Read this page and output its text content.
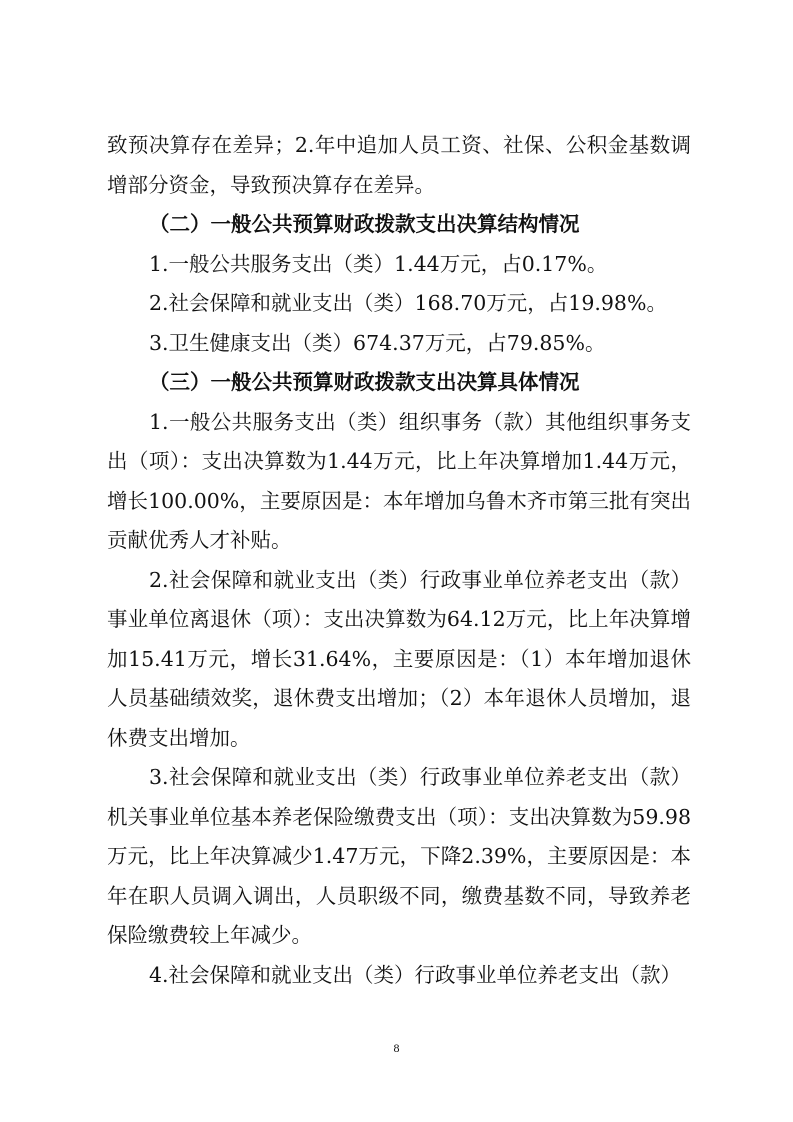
致预决算存在差异；2.年中追加人员工资、社保、公积金基数调增部分资金，导致预决算存在差异。

（二）一般公共预算财政拨款支出决算结构情况

1.一般公共服务支出（类）1.44万元，占0.17%。

2.社会保障和就业支出（类）168.70万元，占19.98%。

3.卫生健康支出（类）674.37万元，占79.85%。

（三）一般公共预算财政拨款支出决算具体情况

1.一般公共服务支出（类）组织事务（款）其他组织事务支出（项）：支出决算数为1.44万元，比上年决算增加1.44万元，增长100.00%，主要原因是：本年增加乌鲁木齐市第三批有突出贡献优秀人才补贴。

2.社会保障和就业支出（类）行政事业单位养老支出（款）事业单位离退休（项）：支出决算数为64.12万元，比上年决算增加15.41万元，增长31.64%，主要原因是：（1）本年增加退休人员基础绩效奖，退休费支出增加；（2）本年退休人员增加，退休费支出增加。

3.社会保障和就业支出（类）行政事业单位养老支出（款）机关事业单位基本养老保险缴费支出（项）：支出决算数为59.98万元，比上年决算减少1.47万元，下降2.39%，主要原因是：本年在职人员调入调出，人员职级不同，缴费基数不同，导致养老保险缴费较上年减少。

4.社会保障和就业支出（类）行政事业单位养老支出（款）

8
